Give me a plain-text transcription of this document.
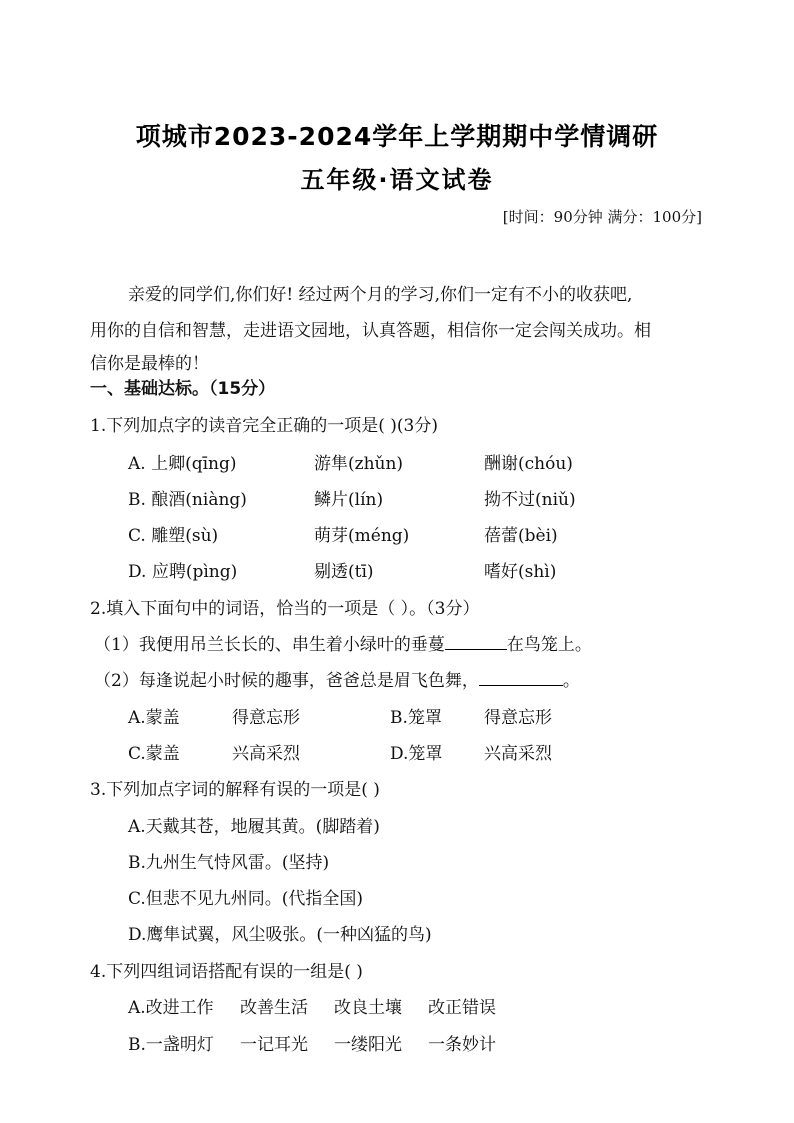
项城市2023-2024学年上学期期中学情调研
五年级·语文试卷
[时间：90分钟 满分：100分]
亲爱的同学们,你们好! 经过两个月的学习,你们一定有不小的收获吧,
用你的自信和智慧，走进语文园地，认真答题，相信你一定会闯关成功。相
信你是最棒的！
一、基础达标。（15分）
1.下列加点字的读音完全正确的一项是( )(3分)
A. 上卿(qīng)	游隼(zhǔn)	酬谢(chóu)
B. 酿酒(niàng)	鳞片(lín)	拗不过(niǔ)
C. 雕塑(sù)	萌芽(méng)	蓓蕾(bèi)
D. 应聘(pìng)	剔透(tī)	嗜好(shì)
2.填入下面句中的词语，恰当的一项是（ ）。（3分）
（1）我便用吊兰长长的、串生着小绿叶的垂蔓	在鸟笼上。
（2）每逢说起小时候的趣事，爸爸总是眉飞色舞，	。
A.蒙盖	得意忘形	B.笼罩 得意忘形
C.蒙盖	兴高采烈	D.笼罩 兴高采烈
3.下列加点字词的解释有误的一项是( )
A.天戴其苍，地履其黄。(脚踏着)
B.九州生气恃风雷。(坚持)
C.但悲不见九州同。(代指全国)
D.鹰隼试翼，风尘吸张。(一种凶猛的鸟)
4.下列四组词语搭配有误的一组是( )
A.改进工作 改善生活 改良土壤 改正错误
B.一盏明灯 一记耳光 一缕阳光 一条妙计
